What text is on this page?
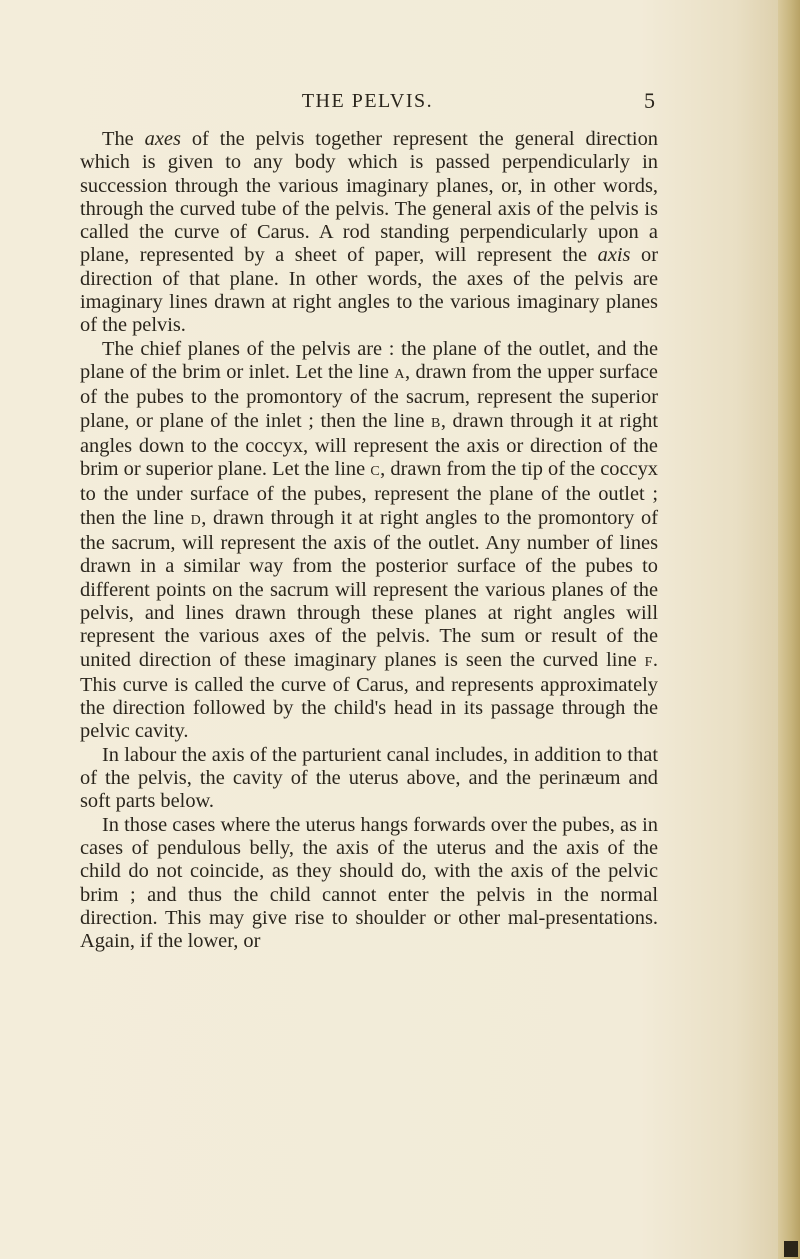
THE PELVIS.	5

The axes of the pelvis together represent the general direction which is given to any body which is passed perpendicularly in succession through the various imaginary planes, or, in other words, through the curved tube of the pelvis. The general axis of the pelvis is called the curve of Carus. A rod standing perpendicularly upon a plane, represented by a sheet of paper, will represent the axis or direction of that plane. In other words, the axes of the pelvis are imaginary lines drawn at right angles to the various imaginary planes of the pelvis.

The chief planes of the pelvis are : the plane of the outlet, and the plane of the brim or inlet. Let the line A, drawn from the upper surface of the pubes to the promontory of the sacrum, represent the superior plane, or plane of the inlet ; then the line B, drawn through it at right angles down to the coccyx, will represent the axis or direction of the brim or superior plane. Let the line C, drawn from the tip of the coccyx to the under surface of the pubes, represent the plane of the outlet ; then the line D, drawn through it at right angles to the promontory of the sacrum, will represent the axis of the outlet. Any number of lines drawn in a similar way from the posterior surface of the pubes to different points on the sacrum will represent the various planes of the pelvis, and lines drawn through these planes at right angles will represent the various axes of the pelvis. The sum or result of the united direction of these imaginary planes is seen the curved line F. This curve is called the curve of Carus, and represents approximately the direction followed by the child's head in its passage through the pelvic cavity.

In labour the axis of the parturient canal includes, in addition to that of the pelvis, the cavity of the uterus above, and the perinæum and soft parts below.

In those cases where the uterus hangs forwards over the pubes, as in cases of pendulous belly, the axis of the uterus and the axis of the child do not coincide, as they should do, with the axis of the pelvic brim ; and thus the child cannot enter the pelvis in the normal direction. This may give rise to shoulder or other mal-presentations. Again, if the lower, or
